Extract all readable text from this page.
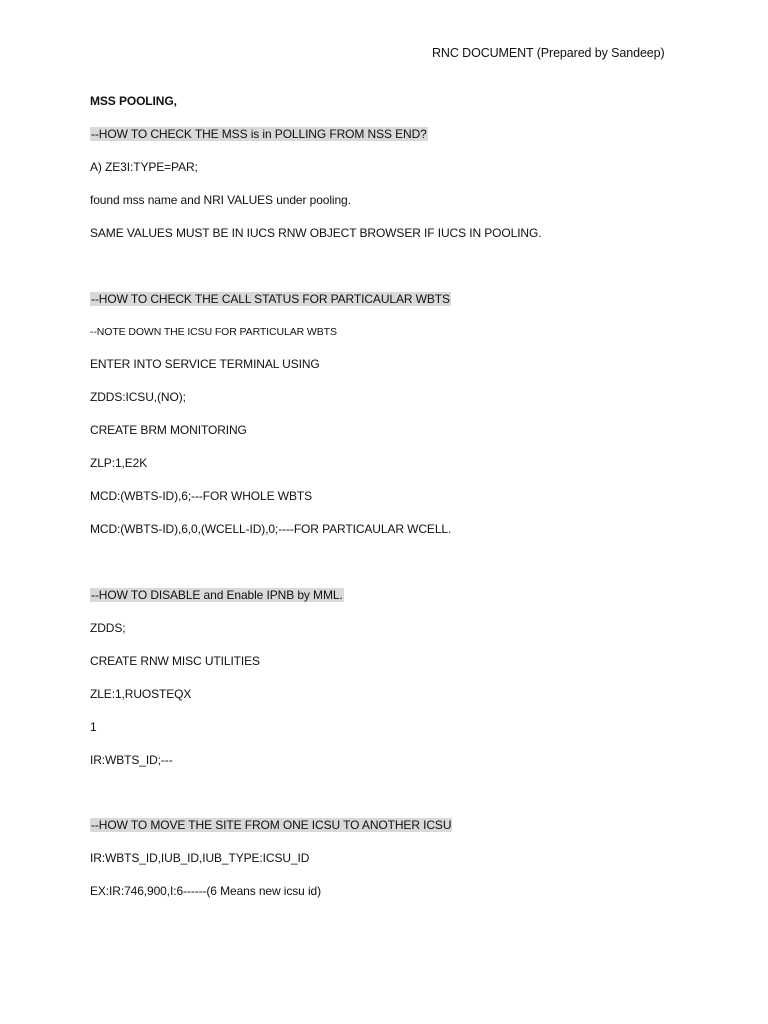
RNC DOCUMENT (Prepared by Sandeep)
MSS POOLING,
--HOW TO CHECK THE MSS is in POLLING FROM NSS END?
A) ZE3I:TYPE=PAR;
found mss name and NRI VALUES under pooling.
SAME VALUES MUST BE IN IUCS RNW OBJECT BROWSER IF IUCS IN POOLING.
--HOW TO CHECK THE CALL STATUS FOR PARTICAULAR WBTS
--NOTE DOWN THE ICSU FOR PARTICULAR WBTS
ENTER INTO SERVICE TERMINAL USING
ZDDS:ICSU,(NO);
CREATE BRM MONITORING
ZLP:1,E2K
MCD:(WBTS-ID),6;---FOR WHOLE WBTS
MCD:(WBTS-ID),6,0,(WCELL-ID),0;----FOR PARTICAULAR WCELL.
--HOW TO DISABLE and Enable IPNB by MML.
ZDDS;
CREATE RNW MISC UTILITIES
ZLE:1,RUOSTEQX
1
IR:WBTS_ID;---
--HOW TO MOVE THE SITE FROM ONE ICSU TO ANOTHER ICSU
IR:WBTS_ID,IUB_ID,IUB_TYPE:ICSU_ID
EX:IR:746,900,I:6------(6 Means new icsu id)
